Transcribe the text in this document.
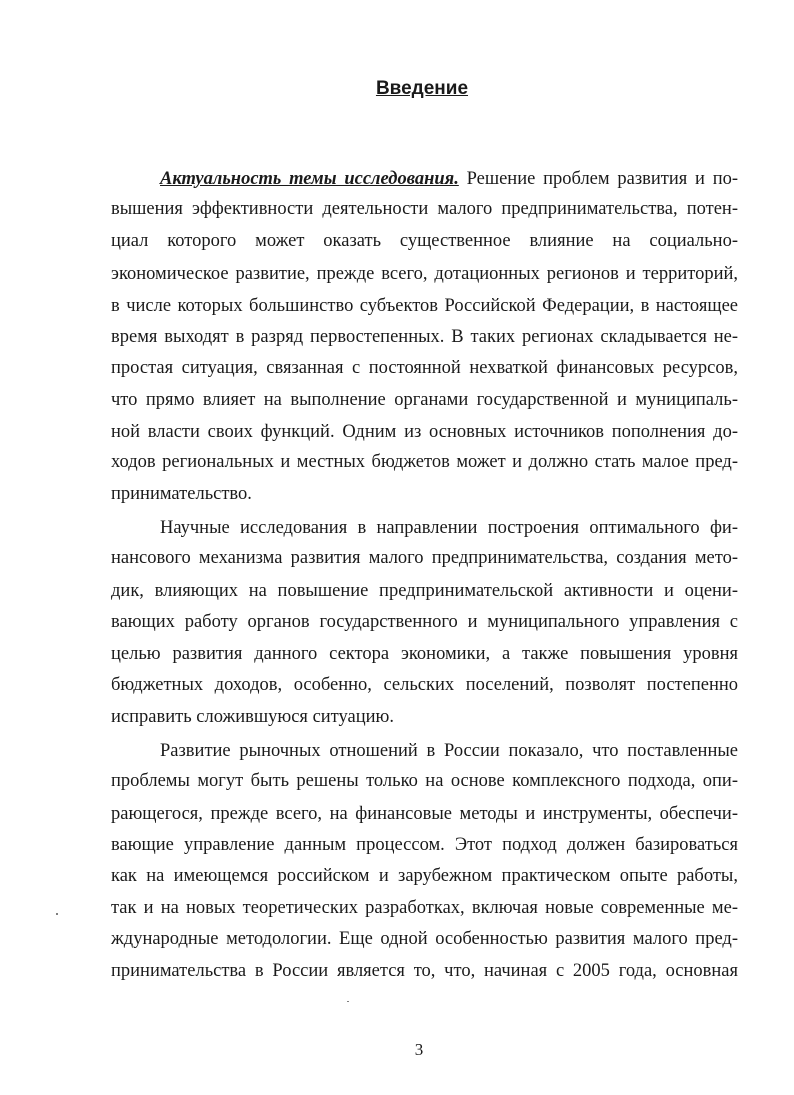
Введение
Актуальность темы исследования. Решение проблем развития и по-
вышения эффективности деятельности малого предпринимательства, потен-
циал которого может оказать существенное влияние на социально-
экономическое развитие, прежде всего, дотационных регионов и территорий,
в числе которых большинство субъектов Российской Федерации, в настоящее
время выходят в разряд первостепенных. В таких регионах складывается не-
простая ситуация, связанная с постоянной нехваткой финансовых ресурсов,
что прямо влияет на выполнение органами государственной и муниципаль-
ной власти своих функций. Одним из основных источников пополнения до-
ходов региональных и местных бюджетов может и должно стать малое пред-
принимательство.
Научные исследования в направлении построения оптимального фи-
нансового механизма развития малого предпринимательства, создания мето-
дик, влияющих на повышение предпринимательской активности и оцени-
вающих работу органов государственного и муниципального управления с
целью развития данного сектора экономики, а также повышения уровня
бюджетных доходов, особенно, сельских поселений, позволят постепенно
исправить сложившуюся ситуацию.
Развитие рыночных отношений в России показало, что поставленные
проблемы могут быть решены только на основе комплексного подхода, опи-
рающегося, прежде всего, на финансовые методы и инструменты, обеспечи-
вающие управление данным процессом. Этот подход должен базироваться
как на имеющемся российском и зарубежном практическом опыте работы,
так и на новых теоретических разработках, включая новые современные ме-
ждународные методологии. Еще одной особенностью развития малого пред-
принимательства в России является то, что, начиная с 2005 года, основная
3
